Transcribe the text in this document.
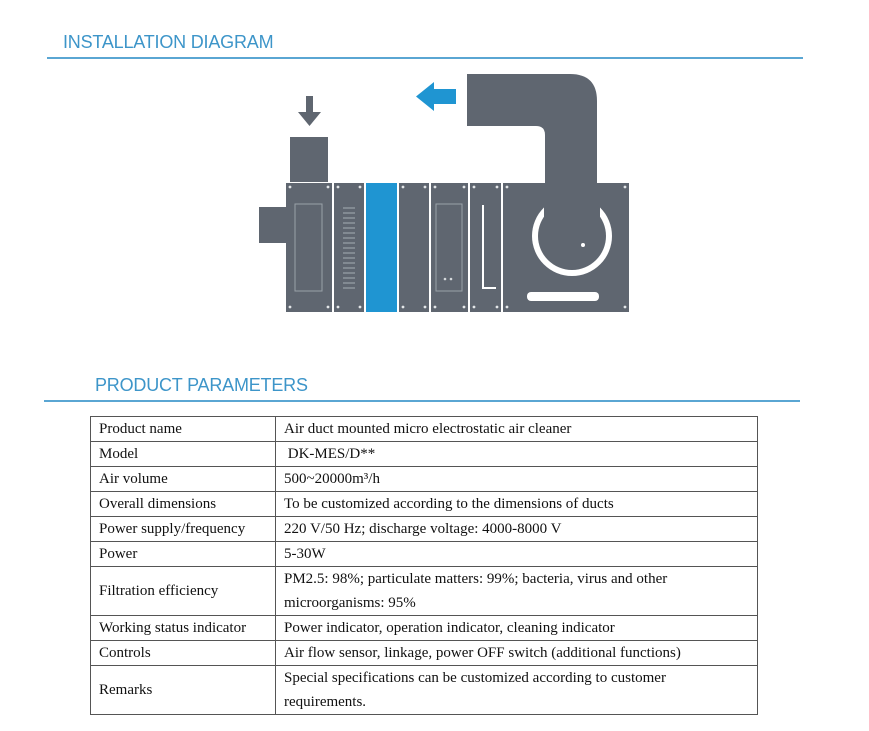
INSTALLATION DIAGRAM
PRODUCT PARAMETERS
Product name	Air duct mounted micro electrostatic air cleaner
Model	DK-MES/D**
Air volume	500~20000m³/h
Overall dimensions	To be customized according to the dimensions of ducts
Power supply/frequency	220 V/50 Hz; discharge voltage: 4000-8000 V
Power	5-30W
Filtration efficiency	PM2.5: 98%; particulate matters: 99%; bacteria, virus and other microorganisms: 95%
Working status indicator	Power indicator, operation indicator, cleaning indicator
Controls	Air flow sensor, linkage, power OFF switch (additional functions)
Remarks	Special specifications can be customized according to customer requirements.
